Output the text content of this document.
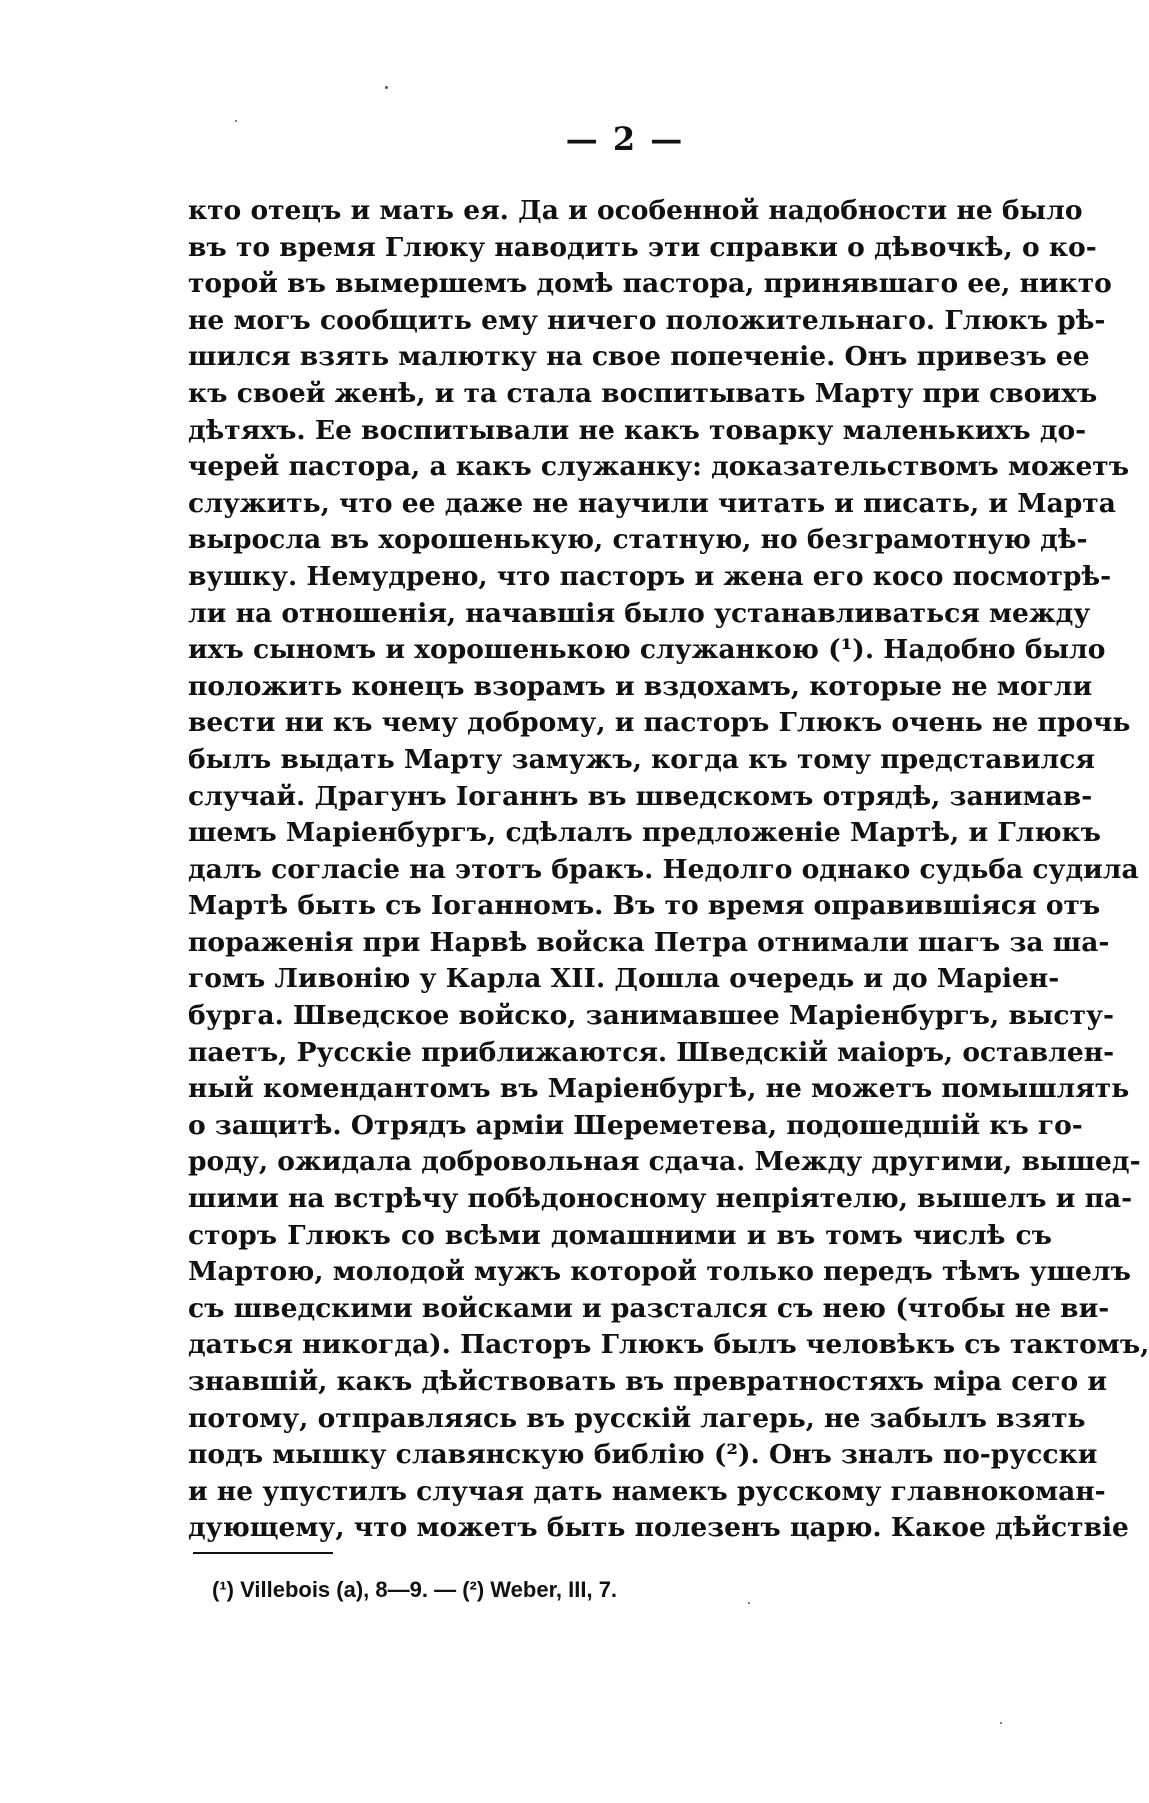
— 2 —
кто отецъ и мать ея. Да и особенной надобности не было
въ то время Глюку наводить эти справки о дѣвочкѣ, о ко-
торой въ вымершемъ домѣ пастора, принявшаго ее, никто
не могъ сообщить ему ничего положительнаго. Глюкъ рѣ-
шился взять малютку на свое попеченіе. Онъ привезъ ее
къ своей женѣ, и та стала воспитывать Марту при своихъ
дѣтяхъ. Ее воспитывали не какъ товарку маленькихъ до-
черей пастора, а какъ служанку: доказательствомъ можетъ
служить, что ее даже не научили читать и писать, и Марта
выросла въ хорошенькую, статную, но безграмотную дѣ-
вушку. Немудрено, что пасторъ и жена его косо посмотрѣ-
ли на отношенія, начавшія было устанавливаться между
ихъ сыномъ и хорошенькою служанкою (¹). Надобно было
положить конецъ взорамъ и вздохамъ, которые не могли
вести ни къ чему доброму, и пасторъ Глюкъ очень не прочь
былъ выдать Марту замужъ, когда къ тому представился
случай. Драгунъ Іоганнъ въ шведскомъ отрядѣ, занимав-
шемъ Маріенбургъ, сдѣлалъ предложеніе Мартѣ, и Глюкъ
далъ согласіе на этотъ бракъ. Недолго однако судьба судила
Мартѣ быть съ Іоганномъ. Въ то время оправившіяся отъ
пораженія при Нарвѣ войска Петра отнимали шагъ за ша-
гомъ Ливонію у Карла XII. Дошла очередь и до Маріен-
бурга. Шведское войско, занимавшее Маріенбургъ, высту-
паетъ, Русскіе приближаются. Шведскій маіоръ, оставлен-
ный комендантомъ въ Маріенбургѣ, не можетъ помышлять
о защитѣ. Отрядъ арміи Шереметева, подошедшій къ го-
роду, ожидала добровольная сдача. Между другими, вышед-
шими на встрѣчу побѣдоносному непріятелю, вышелъ и па-
сторъ Глюкъ со всѣми домашними и въ томъ числѣ съ
Мартою, молодой мужъ которой только передъ тѣмъ ушелъ
съ шведскими войсками и разстался съ нею (чтобы не ви-
даться никогда). Пасторъ Глюкъ былъ человѣкъ съ тактомъ,
знавшій, какъ дѣйствовать въ превратностяхъ міра сего и
потому, отправляясь въ русскій лагерь, не забылъ взять
подъ мышку славянскую библію (²). Онъ зналъ по-русски
и не упустилъ случая дать намекъ русскому главнокоман-
дующему, что можетъ быть полезенъ царю. Какое дѣйствіе
(¹) Villebois (a), 8—9. — (²) Weber, III, 7.
